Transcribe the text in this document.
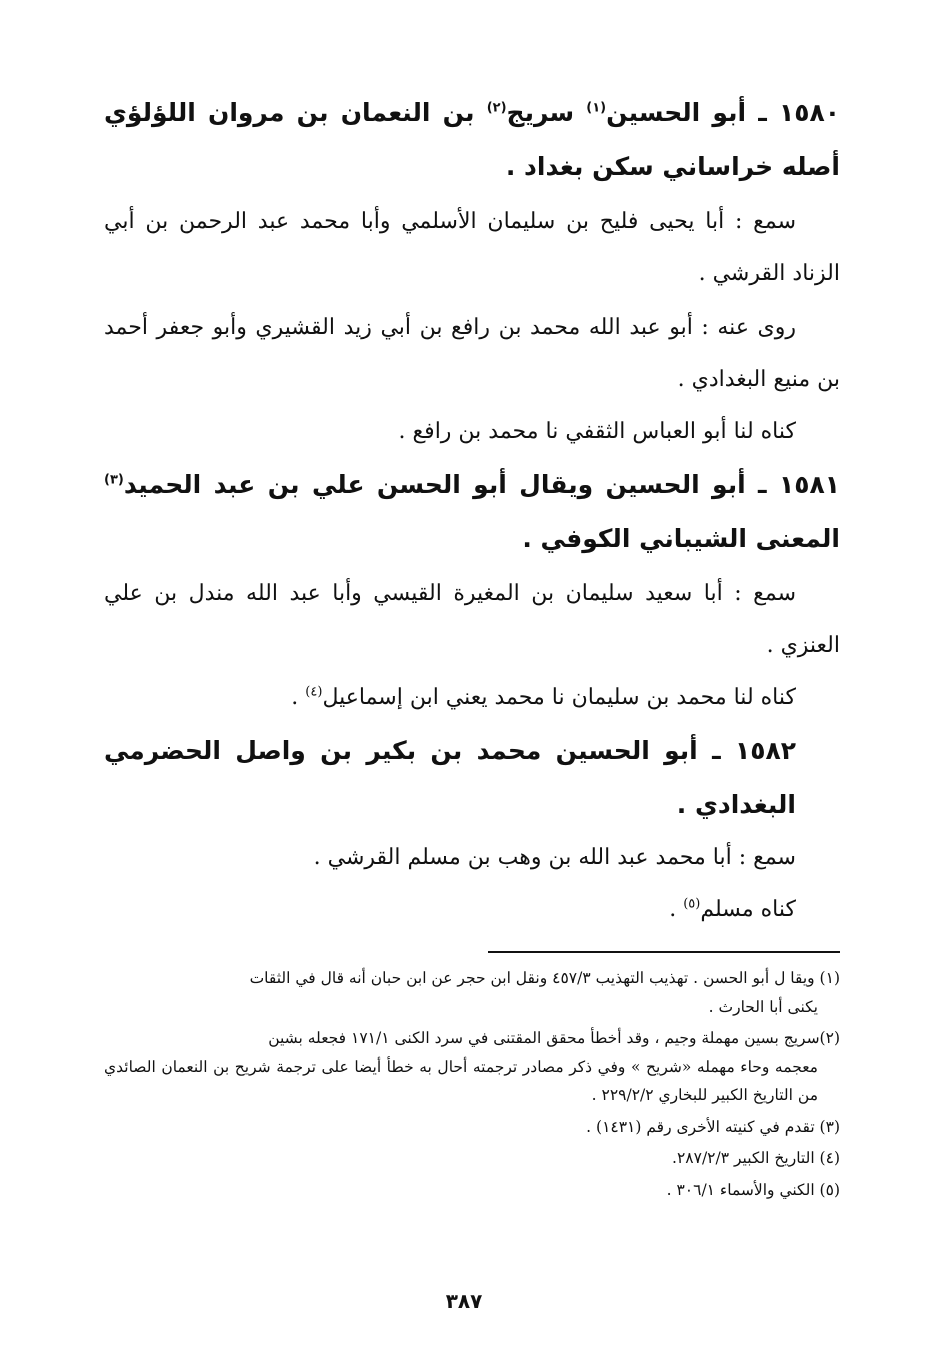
١٥٨٠ ـ أبو الحسين$^{(١)}$ سريج$^{(٢)}$ بن النعمان بن مروان اللؤلؤي أصله خراساني سكن بغداد .

سمع : أبا يحيى فليح بن سليمان الأسلمي وأبا محمد عبد الرحمن بن أبي الزناد القرشي .

روى عنه : أبو عبد الله محمد بن رافع بن أبي زيد القشيري وأبو جعفر أحمد بن منيع البغدادي .

كناه لنا أبو العباس الثقفي نا محمد بن رافع .

١٥٨١ ـ أبو الحسين ويقال أبو الحسن علي بن عبد الحميد$^{(٣)}$ المعنى الشيباني الكوفي .

سمع : أبا سعيد سليمان بن المغيرة القيسي وأبا عبد الله مندل بن علي العنزي .

كناه لنا محمد بن سليمان نا محمد يعني ابن إسماعيل$^{(٤)}$ .

١٥٨٢ ـ أبو الحسين محمد بن بكير بن واصل الحضرمي البغدادي .

سمع : أبا محمد عبد الله بن وهب بن مسلم القرشي .

كناه مسلم$^{(٥)}$ .

(١) ويقا ل أبو الحسن . تهذيب التهذيب ٤٥٧/٣ ونقل ابن حجر عن ابن حبان أنه قال في الثقات
يكنى أبا الحارث .

(٢)سريج بسين مهملة وجيم ، وقد أخطأ محقق المقتنى في سرد الكنى ١٧١/١ فجعله بشين
معجمه وحاء مهمله «شريح » وفي ذكر مصادر ترجمته أحال به خطأ أيضا على ترجمة شريح بن النعمان الصائدي من التاريخ الكبير للبخاري ٢٢٩/٢/٢ .

(٣) تقدم في كنيته الأخرى رقم (١٤٣١) .

(٤) التاريخ الكبير ٢٨٧/٢/٣.

(٥) الكني والأسماء ٣٠٦/١ .

٣٨٧
